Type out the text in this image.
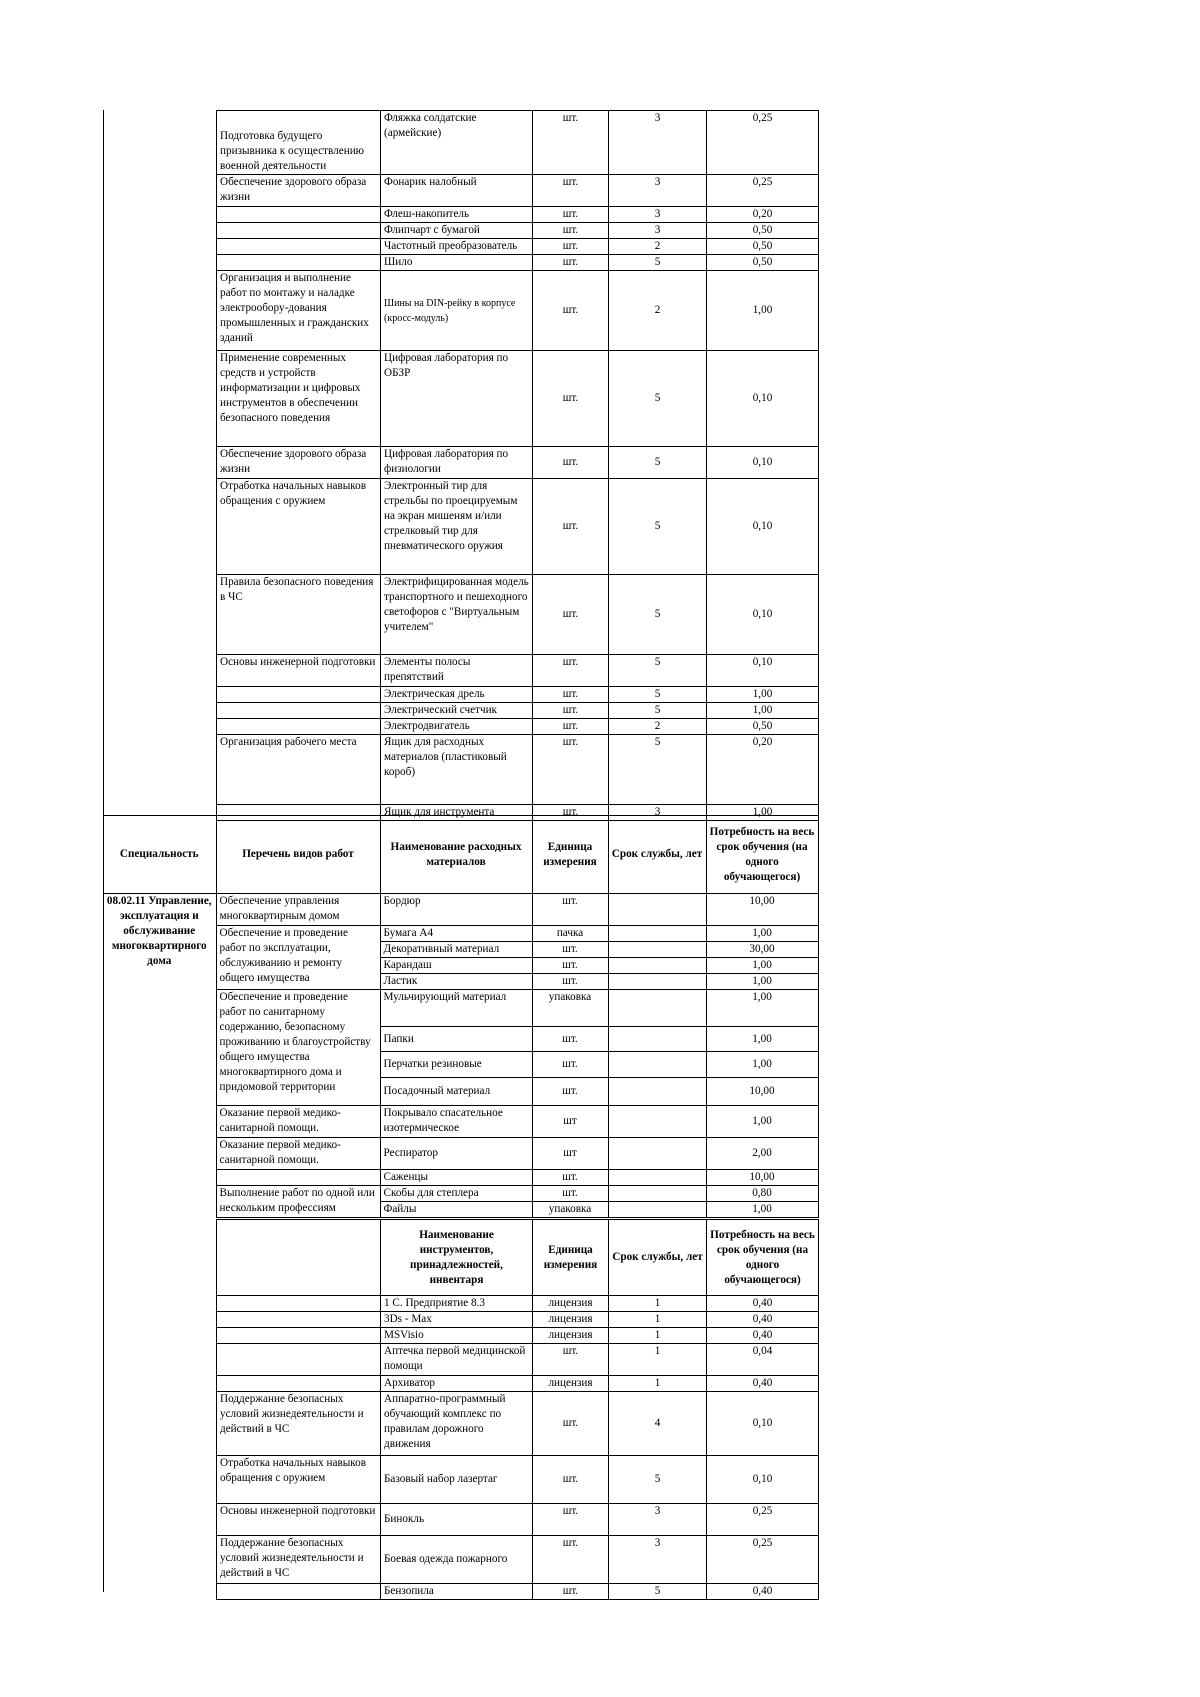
Подготовка будущего призывника к осуществлению военной деятельности	Фляжка солдатские (армейские)	шт.	3	0,25
Обеспечение здорового образа жизни	Фонарик налобный	шт.	3	0,25
	Флеш-накопитель	шт.	3	0,20
	Флипчарт с бумагой	шт.	3	0,50
	Частотный преобразователь	шт.	2	0,50
	Шило	шт.	5	0,50
Организация и выполнение работ по монтажу и наладке электрообору-дования промышленных и гражданских зданий	Шины на DIN-рейку в корпусе (кросс-модуль)	шт.	2	1,00
Применение современных средств и устройств информатизации и цифровых инструментов в обеспечении безопасного поведения	Цифровая лаборатория по ОБЗР	шт.	5	0,10
Обеспечение здорового образа жизни	Цифровая лаборатория по физиологии	шт.	5	0,10
Отработка начальных навыков обращения с оружием	Электронный тир для стрельбы по проецируемым на экран мишеням и/или стрелковый тир для пневматического оружия	шт.	5	0,10
Правила безопасного поведения в ЧС	Электрифицированная модель транспортного и пешеходного светофоров с "Виртуальным учителем"	шт.	5	0,10
Основы инженерной подготовки	Элементы полосы препятствий	шт.	5	0,10
	Электрическая дрель	шт.	5	1,00
	Электрический счетчик	шт.	5	1,00
	Электродвигатель	шт.	2	0,50
Организация рабочего места	Ящик для расходных материалов (пластиковый короб)	шт.	5	0,20
	Ящик для инструмента	шт.	3	1,00
Специальность	Перечень видов работ	Наименование расходных материалов	Единица измерения	Срок службы, лет	Потребность на весь срок обучения (на одного обучающегося)
08.02.11 Управление, эксплуатация и обслуживание многоквартирного дома	Обеспечение управления многоквартирным домом	Бордюр	шт.		10,00
	Обеспечение и проведение работ по эксплуатации, обслуживанию и ремонту общего имущества	Бумага А4	пачка		1,00
		Декоративный материал	шт.		30,00
		Карандаш	шт.		1,00
		Ластик	шт.		1,00
	Обеспечение и проведение работ по санитарному содержанию, безопасному проживанию и благоустройству общего имущества многоквартирного дома и придомовой территории	Мульчирующий материал	упаковка		1,00
		Папки	шт.		1,00
		Перчатки резиновые	шт.		1,00
		Посадочный материал	шт.		10,00
	Оказание первой медико-санитарной помощи.	Покрывало спасательное изотермическое	шт		1,00
	Оказание первой медико-санитарной помощи.	Респиратор	шт		2,00
		Саженцы	шт.		10,00
	Выполнение работ по одной или нескольким профессиям	Скобы для степлера	шт.		0,80
		Файлы	упаковка		1,00
	Наименование инструментов, принадлежностей, инвентаря	Единица измерения	Срок службы, лет	Потребность на весь срок обучения (на одного обучающегося)
	1 С. Предприятие 8.3	лицензия	1	0,40
	3Ds - Max	лицензия	1	0,40
	MSVisio	лицензия	1	0,40
	Аптечка первой медицинской помощи	шт.	1	0,04
	Архиватор	лицензия	1	0,40
Поддержание безопасных условий жизнедеятельности и действий в ЧС	Аппаратно-программный обучающий комплекс по правилам дорожного движения	шт.	4	0,10
Отработка начальных навыков обращения с оружием	Базовый набор лазертаг	шт.	5	0,10
Основы инженерной подготовки	Бинокль	шт.	3	0,25
Поддержание безопасных условий жизнедеятельности и действий в ЧС	Боевая одежда пожарного	шт.	3	0,25
	Бензопила	шт.	5	0,40
